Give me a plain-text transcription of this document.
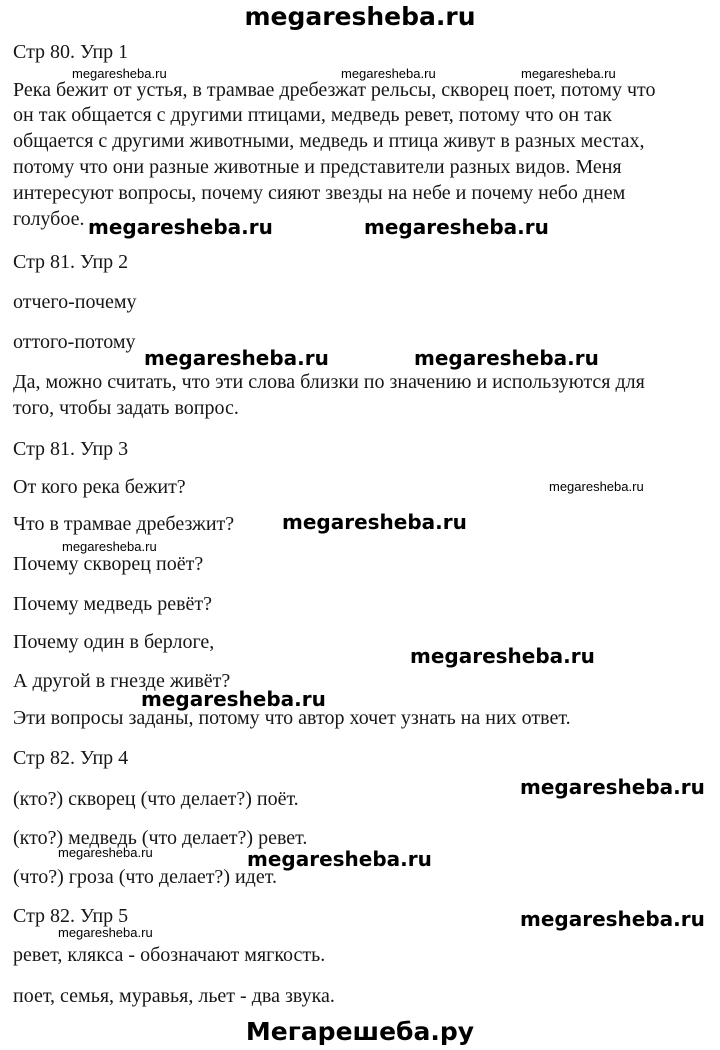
megaresheba.ru
Стр 80. Упр 1
Река бежит от устья, в трамвае дребезжат рельсы, скворец поет, потому что
он так общается с другими птицами, медведь ревет, потому что он так
общается с другими животными, медведь и птица живут в разных местах,
потому что они разные животные и представители разных видов. Меня
интересуют вопросы, почему сияют звезды на небе и почему небо днем
голубое.
Стр 81. Упр 2
отчего-почему
оттого-потому
Да, можно считать, что эти слова близки по значению и используются для
того, чтобы задать вопрос.
Стр 81. Упр 3
От кого река бежит?
Что в трамвае дребезжит?
Почему скворец поёт?
Почему медведь ревёт?
Почему один в берлоге,
А другой в гнезде живёт?
Эти вопросы заданы, потому что автор хочет узнать на них ответ.
Стр 82. Упр 4
(кто?) скворец (что делает?) поёт.
(кто?) медведь (что делает?) ревет.
(что?) гроза (что делает?) идет.
Стр 82. Упр 5
ревет, клякса - обозначают мягкость.
поет, семья, муравья, льет - два звука.
megaresheba.ru	megaresheba.ru	megaresheba.ru
megaresheba.ru
megaresheba.ru
megaresheba.ru
megaresheba.ru
megaresheba.ru	megaresheba.ru
megaresheba.ru	megaresheba.ru
megaresheba.ru
megaresheba.ru
megaresheba.ru
megaresheba.ru
megaresheba.ru
megaresheba.ru
Мегарешеба.ру
